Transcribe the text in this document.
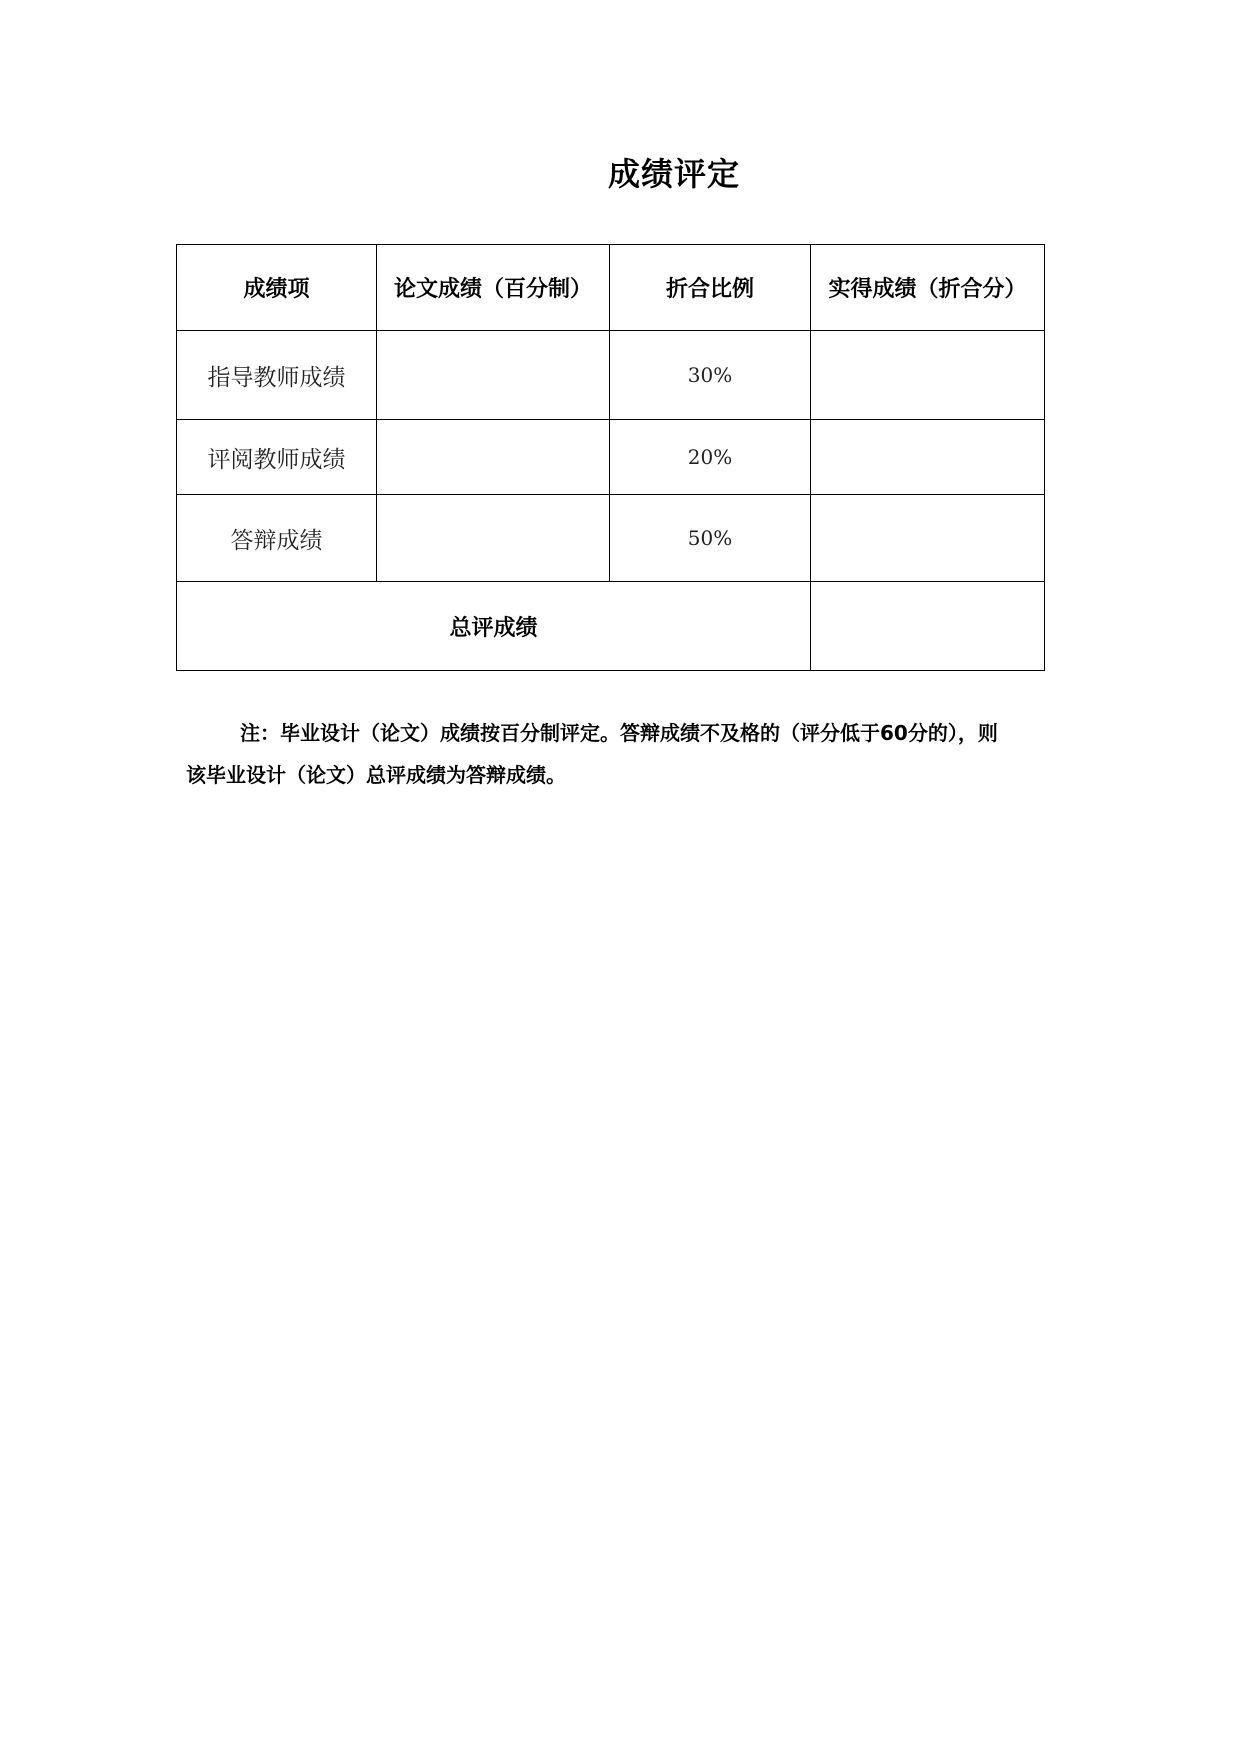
成绩评定
成绩项	论文成绩（百分制）	折合比例	实得成绩（折合分）
指导教师成绩		30%	
评阅教师成绩		20%	
答辩成绩		50%	
总评成绩			

注：毕业设计（论文）成绩按百分制评定。答辩成绩不及格的（评分低于60分的），则

该毕业设计（论文）总评成绩为答辩成绩。
